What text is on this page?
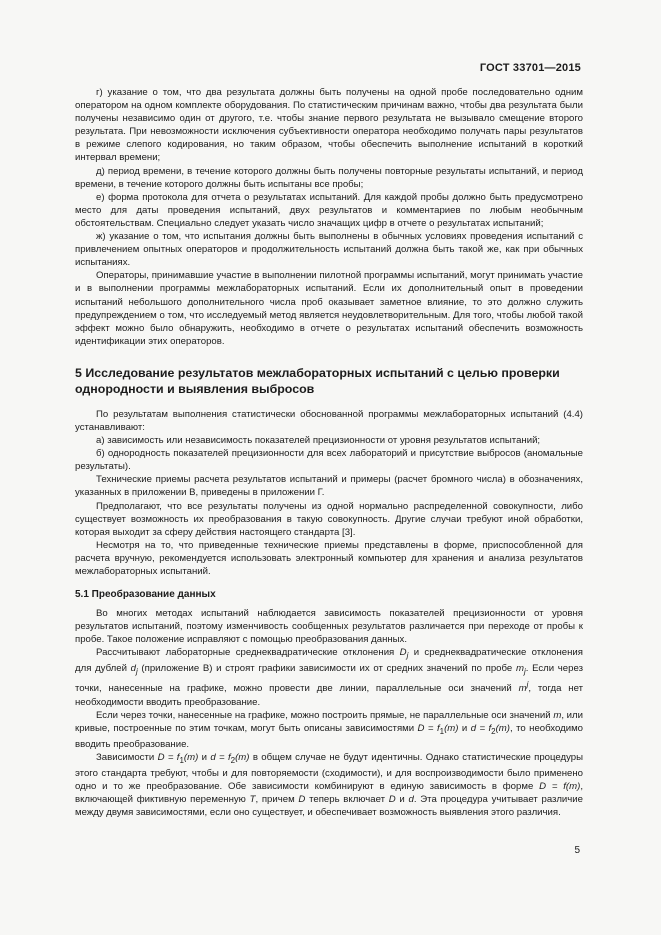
ГОСТ 33701—2015

г) указание о том, что два результата должны быть получены на одной пробе последовательно одним оператором на одном комплекте оборудования. По статистическим причинам важно, чтобы два результата были получены независимо один от другого, т.е. чтобы знание первого результата не вызывало смещение второго результата. При невозможности исключения субъективности оператора необходимо получать пары результатов в режиме слепого кодирования, но таким образом, чтобы обеспечить выполнение испытаний в короткий интервал времени;

д) период времени, в течение которого должны быть получены повторные результаты испытаний, и период времени, в течение которого должны быть испытаны все пробы;

е) форма протокола для отчета о результатах испытаний. Для каждой пробы должно быть предусмотрено место для даты проведения испытаний, двух результатов и комментариев по любым необычным обстоятельствам. Специально следует указать число значащих цифр в отчете о результатах испытаний;

ж) указание о том, что испытания должны быть выполнены в обычных условиях проведения испытаний с привлечением опытных операторов и продолжительность испытаний должна быть такой же, как при обычных испытаниях.

Операторы, принимавшие участие в выполнении пилотной программы испытаний, могут принимать участие и в выполнении программы межлабораторных испытаний. Если их дополнительный опыт в проведении испытаний небольшого дополнительного числа проб оказывает заметное влияние, то это должно служить предупреждением о том, что исследуемый метод является неудовлетворительным. Для того, чтобы любой такой эффект можно было обнаружить, необходимо в отчете о результатах испытаний обеспечить возможность идентификации этих операторов.

5 Исследование результатов межлабораторных испытаний с целью проверки однородности и выявления выбросов

По результатам выполнения статистически обоснованной программы межлабораторных испытаний (4.4) устанавливают:

а) зависимость или независимость показателей прецизионности от уровня результатов испытаний;

б) однородность показателей прецизионности для всех лабораторий и присутствие выбросов (аномальные результаты).

Технические приемы расчета результатов испытаний и примеры (расчет бромного числа) в обозначениях, указанных в приложении В, приведены в приложении Г.

Предполагают, что все результаты получены из одной нормально распределенной совокупности, либо существует возможность их преобразования в такую совокупность. Другие случаи требуют иной обработки, которая выходит за сферу действия настоящего стандарта [3].

Несмотря на то, что приведенные технические приемы представлены в форме, приспособленной для расчета вручную, рекомендуется использовать электронный компьютер для хранения и анализа результатов межлабораторных испытаний.

5.1 Преобразование данных

Во многих методах испытаний наблюдается зависимость показателей прецизионности от уровня результатов испытаний, поэтому изменчивость сообщенных результатов различается при переходе от пробы к пробе. Такое положение исправляют с помощью преобразования данных.

Рассчитывают лабораторные среднеквадратические отклонения $D_j$ и среднеквадратические отклонения для дублей $d_j$ (приложение В) и строят графики зависимости их от средних значений по пробе $m_j$. Если через точки, нанесенные на графике, можно провести две линии, параллельные оси значений $m^j$, тогда нет необходимости вводить преобразование.

Если через точки, нанесенные на графике, можно построить прямые, не параллельные оси значений m, или кривые, построенные по этим точкам, могут быть описаны зависимостями $D = f_1(m)$ и $d = f_2(m)$, то необходимо вводить преобразование.

Зависимости $D = f_1(m)$ и $d = f_2(m)$ в общем случае не будут идентичны. Однако статистические процедуры этого стандарта требуют, чтобы и для повторяемости (сходимости), и для воспроизводимости было применено одно и то же преобразование. Обе зависимости комбинируют в единую зависимость в форме D = f(m), включающей фиктивную переменную T, причем D теперь включает D и d. Эта процедура учитывает различие между двумя зависимостями, если оно существует, и обеспечивает возможность выявления этого различия.

5
